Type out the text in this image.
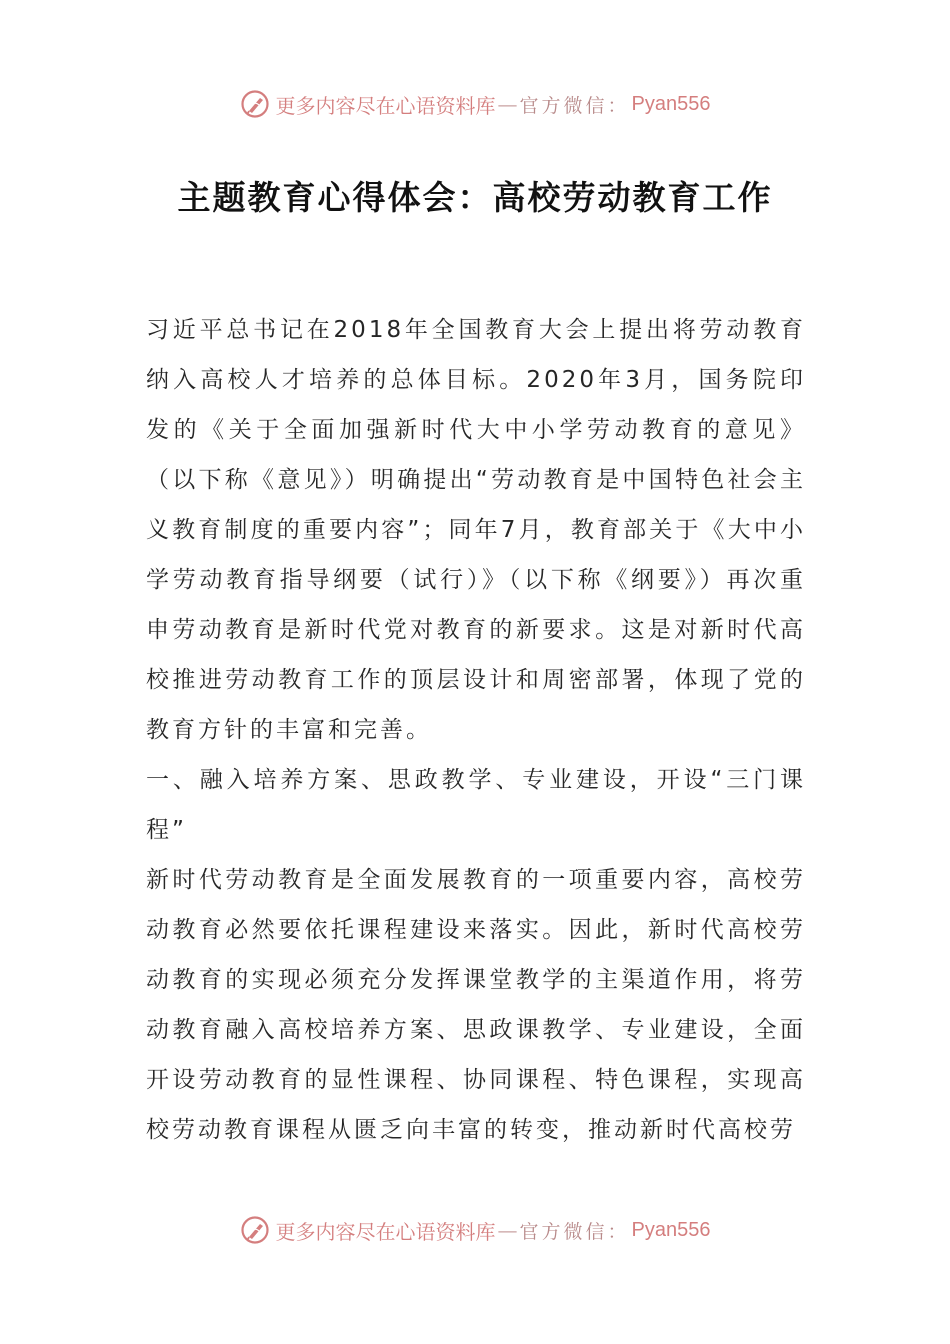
更多内容尽在心语资料库 — 官方微信： Pyan556
主题教育心得体会：高校劳动教育工作

习近平总书记在2018年全国教育大会上提出将劳动教育纳入高校人才培养的总体目标。2020年3月，国务院印发的《关于全面加强新时代大中小学劳动教育的意见》（以下称《意见》）明确提出“劳动教育是中国特色社会主义教育制度的重要内容”；同年7月，教育部关于《大中小学劳动教育指导纲要（试行）》（以下称《纲要》）再次重申劳动教育是新时代党对教育的新要求。这是对新时代高校推进劳动教育工作的顶层设计和周密部署，体现了党的教育方针的丰富和完善。

一、融入培养方案、思政教学、专业建设，开设“三门课程”

新时代劳动教育是全面发展教育的一项重要内容，高校劳动教育必然要依托课程建设来落实。因此，新时代高校劳动教育的实现必须充分发挥课堂教学的主渠道作用，将劳动教育融入高校培养方案、思政课教学、专业建设，全面开设劳动教育的显性课程、协同课程、特色课程，实现高校劳动教育课程从匮乏向丰富的转变，推动新时代高校劳

更多内容尽在心语资料库 — 官方微信： Pyan556
